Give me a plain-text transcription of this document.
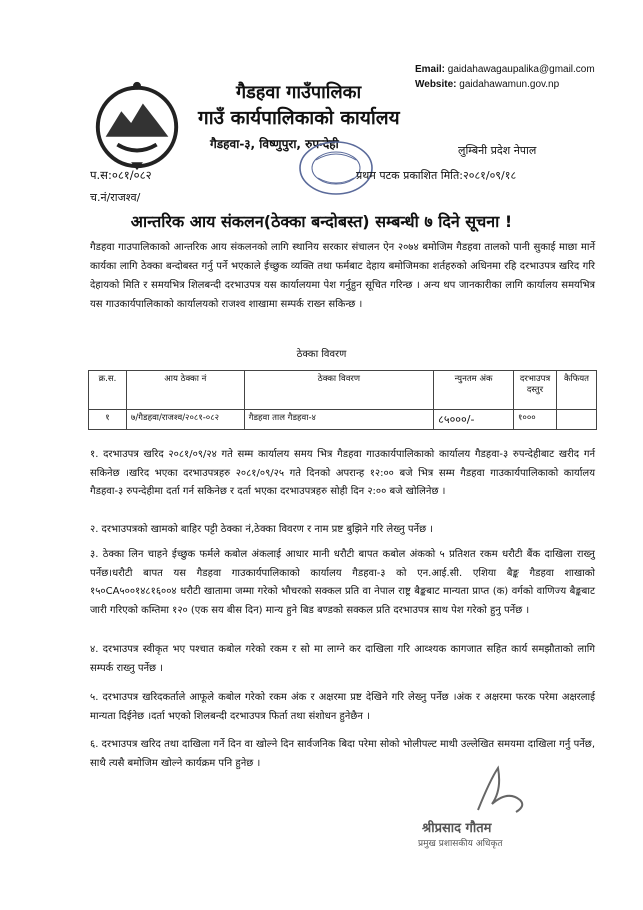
Email: gaidahawagaupalika@gmail.com
Website: gaidahawamun.gov.np
गैडहवा गाउँपालिका
गाउँ कार्यपालिकाको कार्यालय
गैडहवा-३, विष्णुपुरा, रुपन्देही	लुम्बिनी प्रदेश नेपाल
प.स:०८१/०८२	प्रथम पटक प्रकाशित मिति:२०८१/०९/१८
च.नं/राजश्व/
आन्तरिक आय संकलन(ठेक्का बन्दोबस्त) सम्बन्धी ७ दिने सूचना !
गैडहवा गाउपालिकाको आन्तरिक आय संकलनको लागि स्थानिय सरकार संचालन ऐन २०७४ बमोजिम गैडहवा तालको पानी सुकाई माछा मार्ने कार्यका लागि ठेक्का बन्दोबस्त गर्नु पर्ने भएकाले ईच्छुक व्यक्ति तथा फर्मबाट देहाय बमोजिमका शर्तहरुको अधिनमा रहि दरभाउपत्र खरिद गरि देहायको मिति र समयभित्र शिलबन्दी दरभाउपत्र यस कार्यालयमा पेश गर्नुहुन सूचित गरिन्छ । अन्य थप जानकारीका लागि कार्यालय समयभित्र यस गाउकार्यपालिकाको कार्यालयको राजश्व शाखामा सम्पर्क राख्न सकिन्छ ।
ठेक्का विवरण
क्र.स.	आय ठेक्का नं	ठेक्का विवरण	न्युनतम अंक	दरभाउपत्र दस्तुर	कैफियत
१	७/गैडहवा/राजश्व/२०८१-०८२	गैडहवा ताल गैडहवा-४	८५०००/-	१०००	
१. दरभाउपत्र खरिद २०८१/०९/२४ गते सम्म कार्यालय समय भित्र गैडहवा गाउकार्यपालिकाको कार्यालय गैडहवा-३ रुपन्देहीबाट खरीद गर्न सकिनेछ ।खरिद भएका दरभाउपत्रहरु २०८१/०९/२५ गते दिनको अपरान्ह १२:०० बजे भित्र सम्म गैडहवा गाउकार्यपालिकाको कार्यालय गैडहवा-३ रुपन्देहीमा दर्ता गर्न सकिनेछ र दर्ता भएका दरभाउपत्रहरु सोही दिन २:०० बजे खोलिनेछ ।
२. दरभाउपत्रको खामको बाहिर पट्टी ठेक्का नं,ठेक्का विवरण र नाम प्रष्ट बुझिने गरि लेख्नु पर्नेछ ।
३. ठेक्का लिन चाहने ईच्छुक फर्मले कबोल अंकलाई आधार मानी धरौटी बापत कबोल अंकको ५ प्रतिशत रकम धरौटी बैंक दाखिला राख्नु पर्नेछ।धरौटी बापत यस गैडहवा गाउकार्यपालिकाको कार्यालय गैडहवा-३ को एन.आई.सी. एशिया बैङ्क गैडहवा शाखाको १५०CA५००१४८१६००४ धरौटी खातामा जम्मा गरेको भौचरको सक्कल प्रति वा नेपाल राष्ट्र बैङ्कबाट मान्यता प्राप्त (क) वर्गको वाणिज्य बैङ्कबाट जारी गरिएको कम्तिमा १२० (एक सय बीस दिन) मान्य हुने बिड बण्डको सक्कल प्रति दरभाउपत्र साथ पेश गरेको हुनु पर्नेछ ।
४. दरभाउपत्र स्वीकृत भए पश्चात कबोल गरेको रकम र सो मा लाग्ने कर दाखिला गरि आव्श्यक कागजात सहित कार्य समझौताको लागि सम्पर्क राख्नु पर्नेछ ।
५. दरभाउपत्र खरिदकर्ताले आफूले कबोल गरेको रकम अंक र अक्षरमा प्रष्ट देखिने गरि लेख्नु पर्नेछ ।अंक र अक्षरमा फरक परेमा अक्षरलाई मान्यता दिईनेछ ।दर्ता भएको शिलबन्दी दरभाउपत्र फिर्ता तथा संशोधन हुनेछैन ।
६. दरभाउपत्र खरिद तथा दाखिला गर्ने दिन वा खोल्ने दिन सार्वजनिक बिदा परेमा सोको भोलीपल्ट माथी उल्लेखित समयमा दाखिला गर्नु पर्नेछ, साथै त्यसै बमोजिम खोल्ने कार्यक्रम पनि हुनेछ ।
श्रीप्रसाद गौतम
प्रमुख प्रशासकीय अधिकृत
